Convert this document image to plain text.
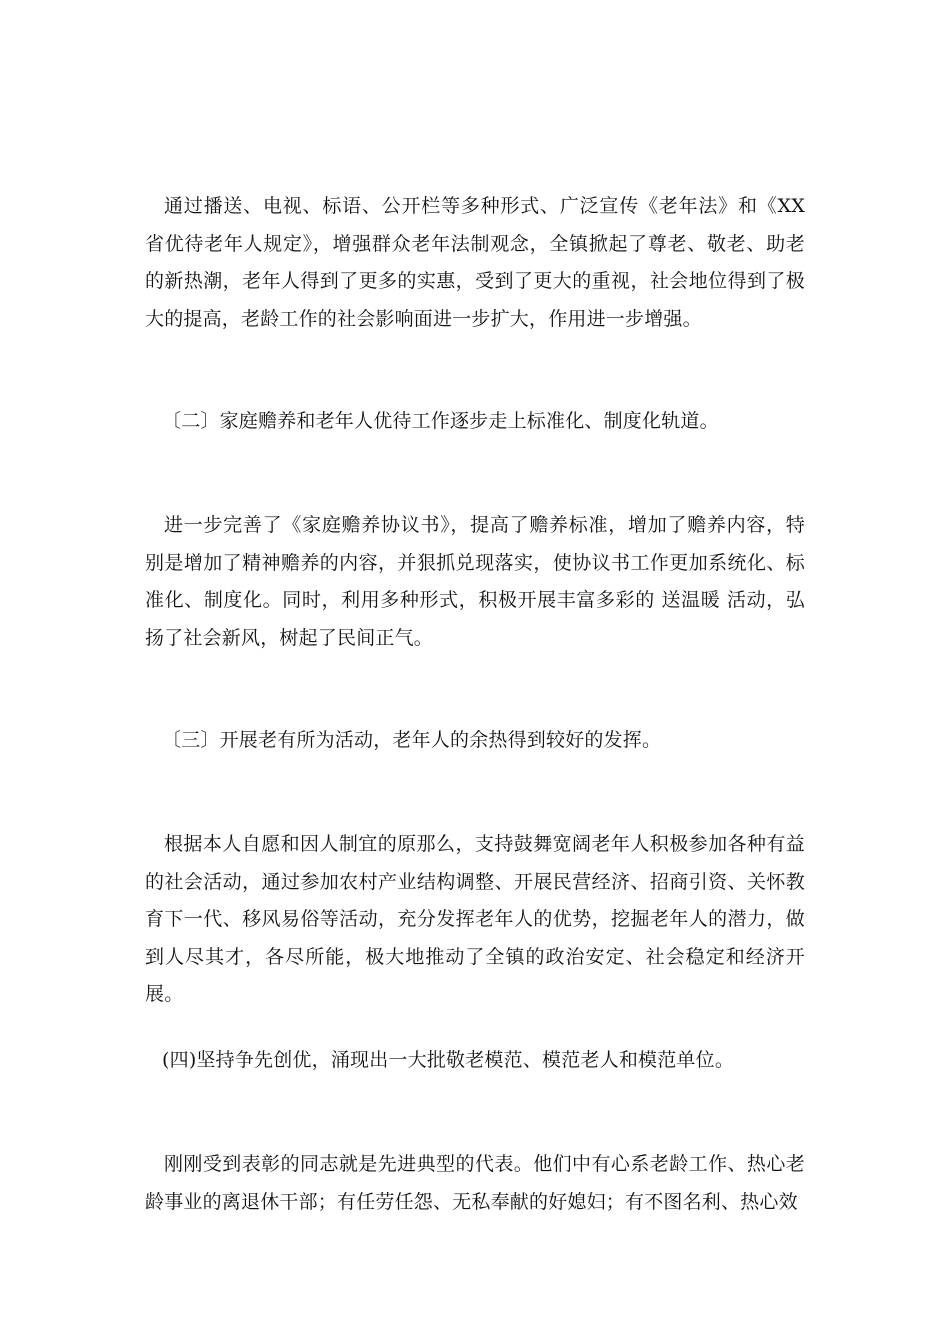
通过播送、电视、标语、公开栏等多种形式、广泛宣传《老年法》和《XX省优待老年人规定》，增强群众老年法制观念，全镇掀起了尊老、敬老、助老的新热潮，老年人得到了更多的实惠，受到了更大的重视，社会地位得到了极大的提高，老龄工作的社会影响面进一步扩大，作用进一步增强。

〔二〕家庭赡养和老年人优待工作逐步走上标准化、制度化轨道。

进一步完善了《家庭赡养协议书》，提高了赡养标准，增加了赡养内容，特别是增加了精神赡养的内容，并狠抓兑现落实，使协议书工作更加系统化、标准化、制度化。同时，利用多种形式，积极开展丰富多彩的 送温暖 活动，弘扬了社会新风，树起了民间正气。

〔三〕开展老有所为活动，老年人的余热得到较好的发挥。

根据本人自愿和因人制宜的原那么，支持鼓舞宽阔老年人积极参加各种有益的社会活动，通过参加农村产业结构调整、开展民营经济、招商引资、关怀教育下一代、移风易俗等活动，充分发挥老年人的优势，挖掘老年人的潜力，做到人尽其才，各尽所能，极大地推动了全镇的政治安定、社会稳定和经济开展。

(四)坚持争先创优，涌现出一大批敬老模范、模范老人和模范单位。

刚刚受到表彰的同志就是先进典型的代表。他们中有心系老龄工作、热心老龄事业的离退休干部；有任劳任怨、无私奉献的好媳妇；有不图名利、热心效
